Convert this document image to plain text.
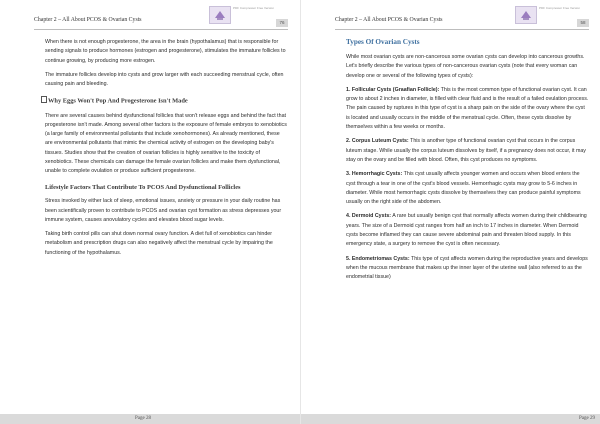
Chapter 2 – All About PCOS & Ovarian Cysts
PDF Compressor Free Version
76

When there is not enough progesterone, the area in the brain (hypothalamus) that is responsible for sending signals to produce hormones (estrogen and progesterone), stimulates the immature follicles to continue growing, by producing more estrogen.

The immature follicles develop into cysts and grow larger with each succeeding menstrual cycle, often causing pain and bleeding.

Why Eggs Won't Pop And Progesterone Isn't Made

There are several causes behind dysfunctional follicles that won't release eggs and behind the fact that progesterone isn't made. Among several other factors is the exposure of female embryos to xenobiotics (a large family of environmental pollutants that include xenohormones). As already mentioned, these are environmental pollutants that mimic the chemical activity of estrogen on the developing baby's tissues. Studies show that the creation of ovarian follicles is highly sensitive to the toxicity of xenobiotics. These chemicals can damage the female ovarian follicles and make them dysfunctional, unable to complete ovulation or produce sufficient progesterone.

Lifestyle Factors That Contribute To PCOS And Dysfunctional Follicles

Stress invoked by either lack of sleep, emotional issues, anxiety or pressure in your daily routine has been scientifically proven to contribute to PCOS and ovarian cyst formation as stress depresses your immune system, causes anovulatory cycles and elevates blood sugar levels.

Taking birth control pills can shut down normal ovary function. A diet full of xenobiotics can hinder metabolism and prescription drugs can also negatively affect the menstrual cycle by impairing the functioning of the hypothalamus.

Page 28
Chapter 2 – All About PCOS & Ovarian Cysts
PDF Compressor Free Version
58
Types Of Ovarian Cysts

While most ovarian cysts are non-cancerous some ovarian cysts can develop into cancerous growths. Let's briefly describe the various types of non-cancerous ovarian cysts (note that every woman can develop one or several of the following types of cysts):

1. Follicular Cysts (Graafian Follicle): This is the most common type of functional ovarian cyst. It can grow to about 2 inches in diameter, is filled with clear fluid and is the result of a failed ovulation process. The pain caused by ruptures in this type of cyst is a sharp pain on the side of the ovary where the cyst is located and usually occurs in the middle of the menstrual cycle. Often, these cysts dissolve by themselves within a few weeks or months.

2. Corpus Luteum Cysts: This is another type of functional ovarian cyst that occurs in the corpus luteum stage. While usually the corpus luteum dissolves by itself, if a pregnancy does not occur, it may stay on the ovary and be filled with blood. Often, this cyst produces no symptoms.

3. Hemorrhagic Cysts: This cyst usually affects younger women and occurs when blood enters the cyst through a tear in one of the cyst's blood vessels. Hemorrhagic cysts may grow to 5-6 inches in diameter. While most hemorrhagic cysts dissolve by themselves they can produce painful symptoms usually on the right side of the abdomen.

4. Dermoid Cysts: A rare but usually benign cyst that normally affects women during their childbearing years. The size of a Dermoid cyst ranges from half an inch to 17 inches in diameter. When Dermoid cysts become inflamed they can cause severe abdominal pain and threaten blood supply. In this emergency state, a surgery to remove the cyst is often necessary.

5. Endometriomas Cysts: This type of cyst affects women during the reproductive years and develops when the mucous membrane that makes up the inner layer of the uterine wall (also referred to as the endometrial tissue)

Page 29
